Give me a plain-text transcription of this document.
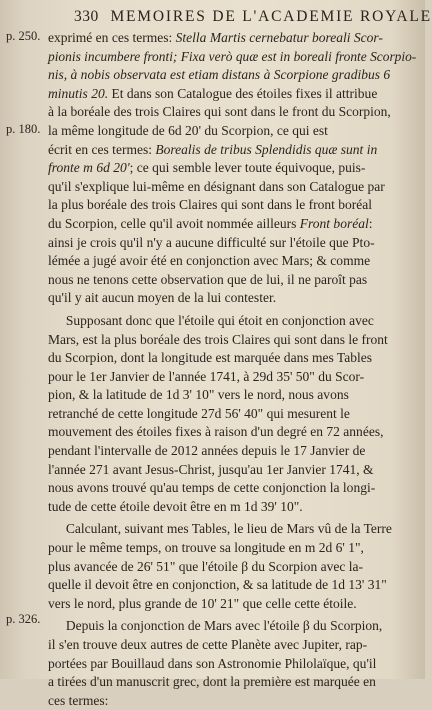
330 MEMOIRES DE L'ACADEMIE ROYALE
p. 250.
p. 180.
p. 326.
exprimé en ces termes: Stella Martis cernebatur boreali Scor-
pionis incumbere fronti; Fixa verò quæ est in boreali fronte Scorpio-
nis, à nobis observata est etiam distans à Scorpione gradibus 6
minutis 20. Et dans son Catalogue des étoiles fixes il attribue
à la boréale des trois Claires qui sont dans le front du Scorpion,
la même longitude de 6d 20' du Scorpion, ce qui est
écrit en ces termes: Borealis de tribus Splendidis quæ sunt in
fronte m 6d 20'; ce qui semble lever toute équivoque, puis-
qu'il s'explique lui-même en désignant dans son Catalogue par
la plus boréale des trois Claires qui sont dans le front boréal
du Scorpion, celle qu'il avoit nommée ailleurs Front boréal:
ainsi je crois qu'il n'y a aucune difficulté sur l'étoile que Pto-
lémée a jugé avoir été en conjonction avec Mars; & comme
nous ne tenons cette observation que de lui, il ne paroît pas
qu'il y ait aucun moyen de la lui contester.
Supposant donc que l'étoile qui étoit en conjonction avec
Mars, est la plus boréale des trois Claires qui sont dans le front
du Scorpion, dont la longitude est marquée dans mes Tables
pour le 1er Janvier de l'année 1741, à 29d 35' 50" du Scor-
pion, & la latitude de 1d 3' 10" vers le nord, nous avons
retranché de cette longitude 27d 56' 40" qui mesurent le
mouvement des étoiles fixes à raison d'un degré en 72 années,
pendant l'intervalle de 2012 années depuis le 17 Janvier de
l'année 271 avant Jesus-Christ, jusqu'au 1er Janvier 1741, &
nous avons trouvé qu'au temps de cette conjonction la longi-
tude de cette étoile devoit être en m 1d 39' 10".
Calculant, suivant mes Tables, le lieu de Mars vû de la Terre
pour le même temps, on trouve sa longitude en m 2d 6' 1",
plus avancée de 26' 51" que l'étoile β du Scorpion avec la-
quelle il devoit être en conjonction, & sa latitude de 1d 13' 31"
vers le nord, plus grande de 10' 21" que celle cette étoile.
Depuis la conjonction de Mars avec l'étoile β du Scorpion,
il s'en trouve deux autres de cette Planète avec Jupiter, rap-
portées par Bouillaud dans son Astronomie Philolaïque, qu'il
a tirées d'un manuscrit grec, dont la première est marquée en
ces termes:
